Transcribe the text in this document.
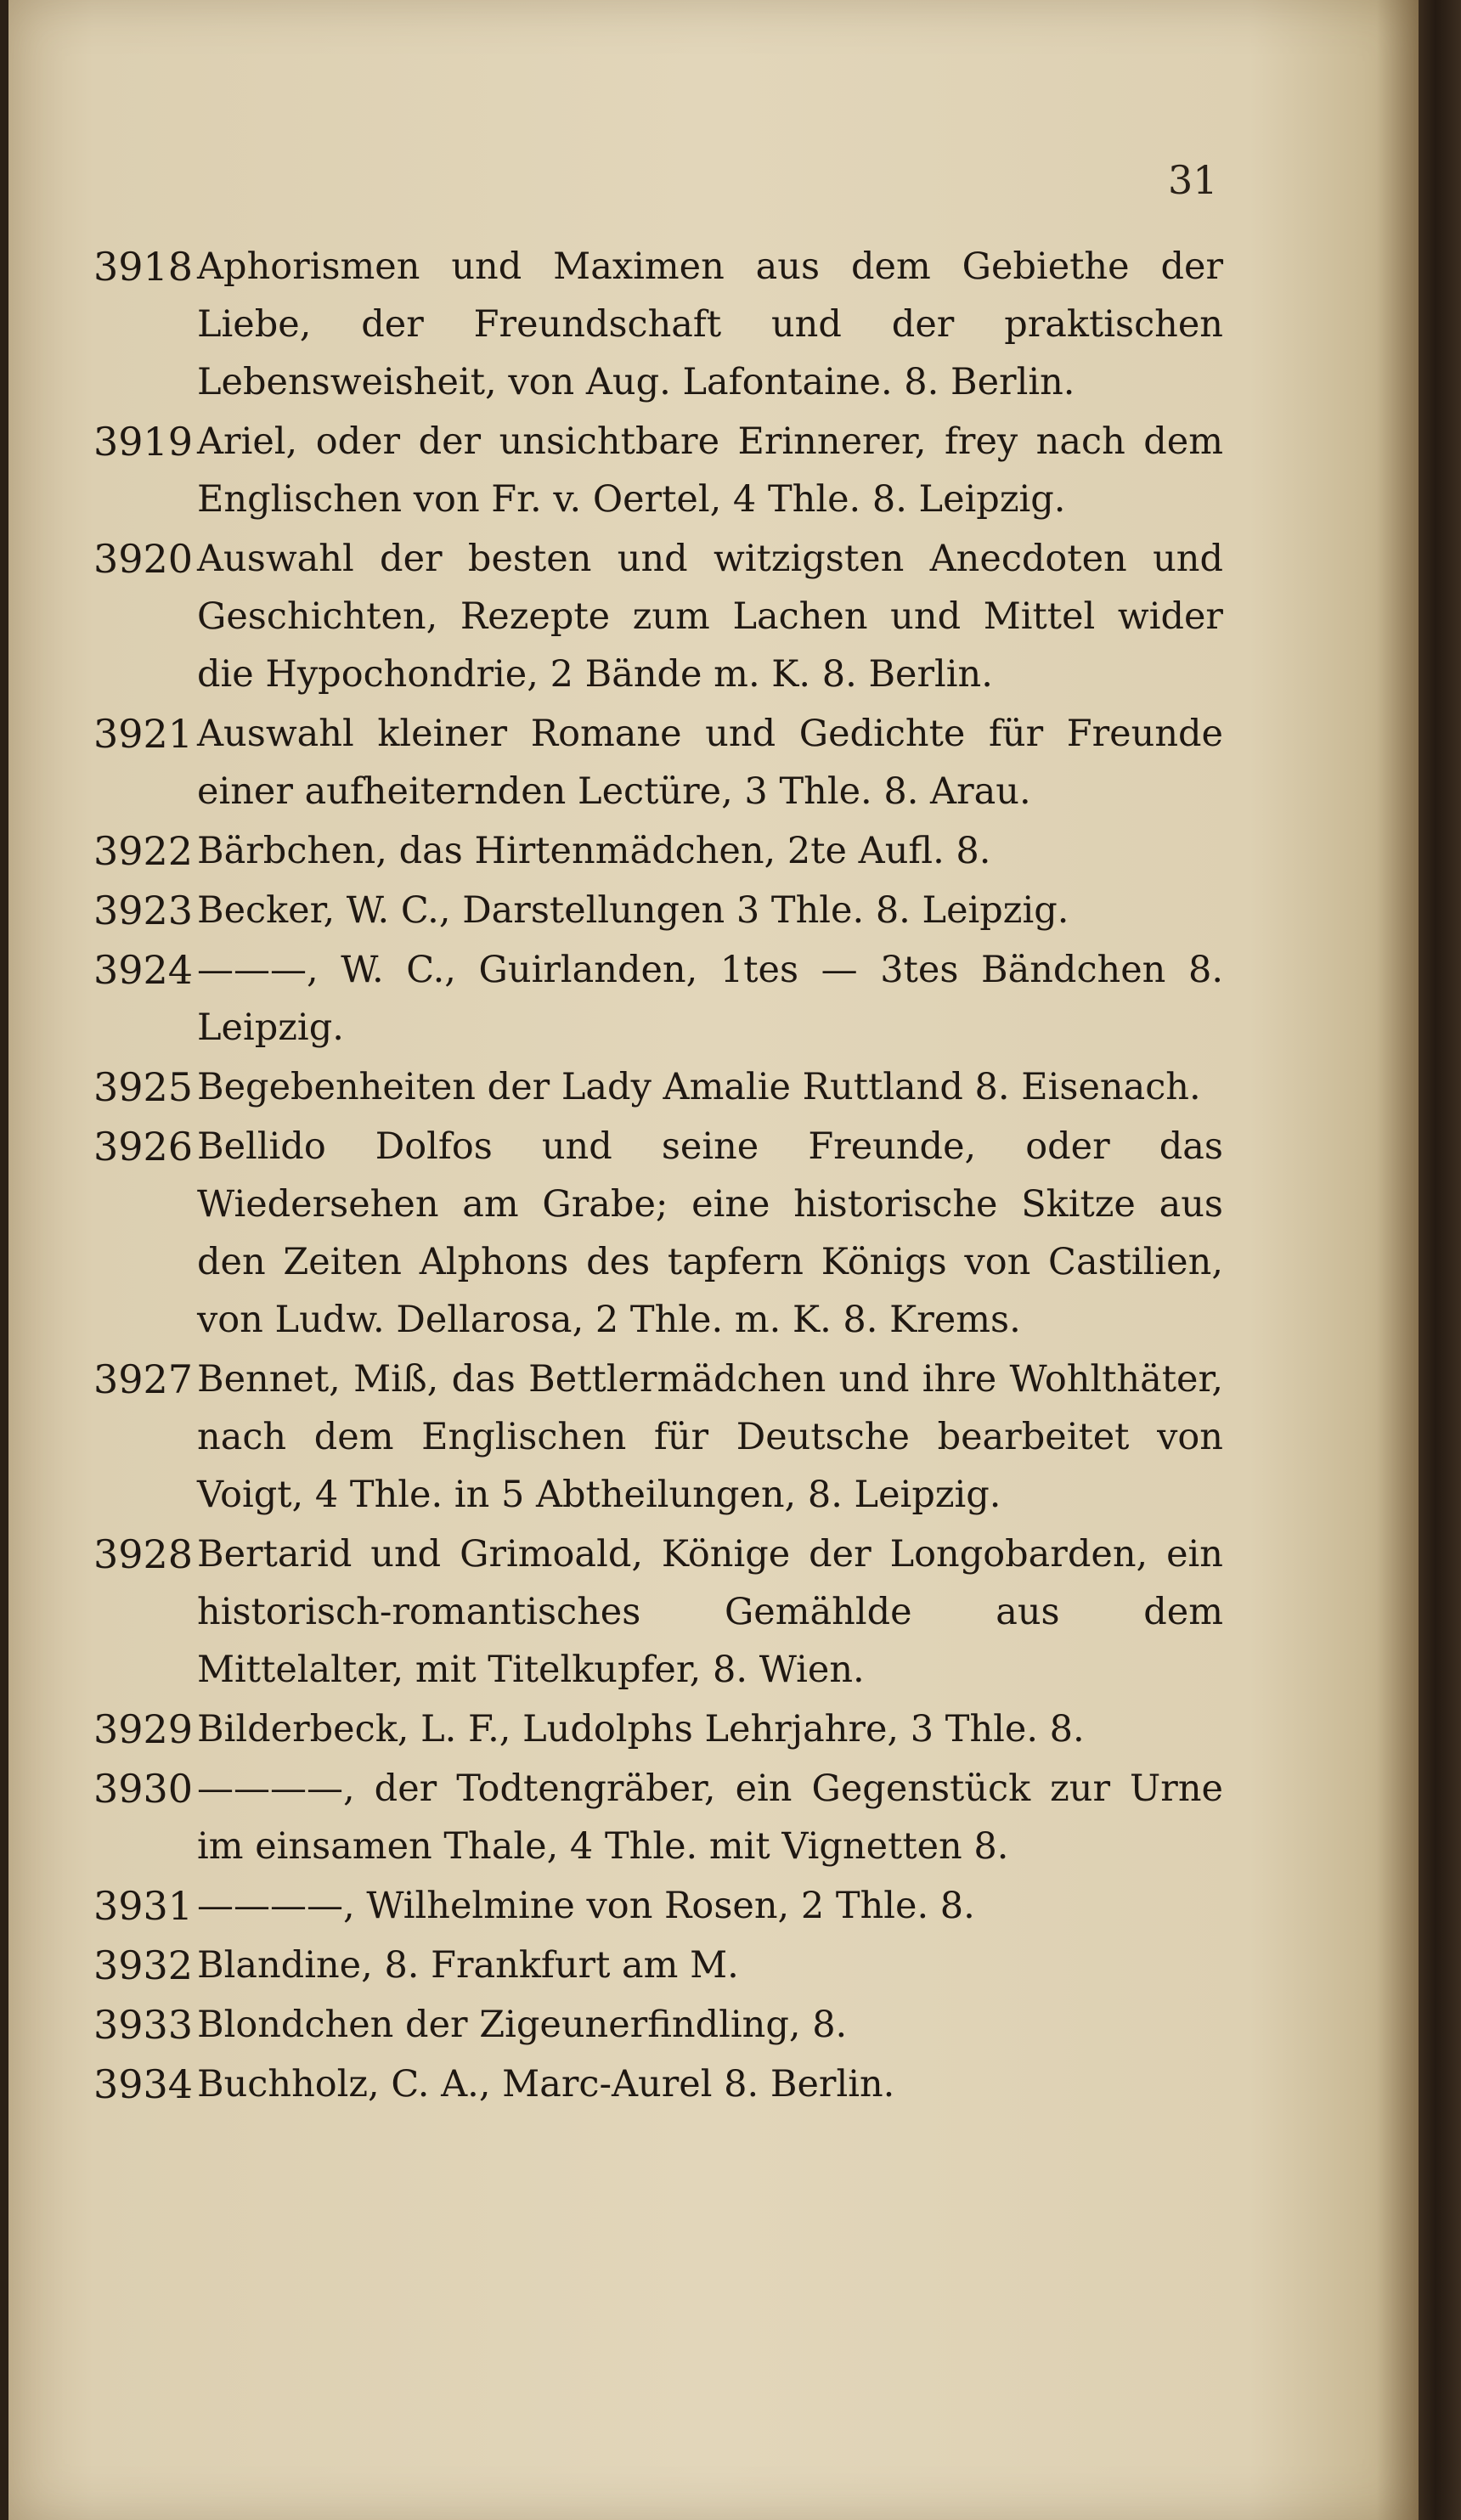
31
3918 Aphorismen und Maximen aus dem Gebiethe der Liebe, der Freundschaft und der praktischen Lebensweisheit, von Aug. Lafontaine. 8. Berlin.
3919 Ariel, oder der unsichtbare Erinnerer, frey nach dem Englischen von Fr. v. Oertel, 4 Thle. 8. Leipzig.
3920 Auswahl der besten und witzigsten Anecdoten und Geschichten, Rezepte zum Lachen und Mittel wider die Hypochondrie, 2 Bände m. K. 8. Berlin.
3921 Auswahl kleiner Romane und Gedichte für Freunde einer aufheiternden Lectüre, 3 Thle. 8. Arau.
3922 Bärbchen, das Hirtenmädchen, 2te Aufl. 8.
3923 Becker, W. C., Darstellungen 3 Thle. 8. Leipzig.
3924 ———, W. C., Guirlanden, 1tes — 3tes Bändchen 8. Leipzig.
3925 Begebenheiten der Lady Amalie Ruttland 8. Eisenach.
3926 Bellido Dolfos und seine Freunde, oder das Wiedersehen am Grabe; eine historische Skitze aus den Zeiten Alphons des tapfern Königs von Castilien, von Ludw. Dellarosa, 2 Thle. m. K. 8. Krems.
3927 Bennet, Miß, das Bettlermädchen und ihre Wohlthäter, nach dem Englischen für Deutsche bearbeitet von Voigt, 4 Thle. in 5 Abtheilungen, 8. Leipzig.
3928 Bertarid und Grimoald, Könige der Longobarden, ein historisch-romantisches Gemählde aus dem Mittelalter, mit Titelkupfer, 8. Wien.
3929 Bilderbeck, L. F., Ludolphs Lehrjahre, 3 Thle. 8.
3930 ————, der Todtengräber, ein Gegenstück zur Urne im einsamen Thale, 4 Thle. mit Vignetten 8.
3931 ————, Wilhelmine von Rosen, 2 Thle. 8.
3932 Blandine, 8. Frankfurt am M.
3933 Blondchen der Zigeunerfindling, 8.
3934 Buchholz, C. A., Marc-Aurel 8. Berlin.
